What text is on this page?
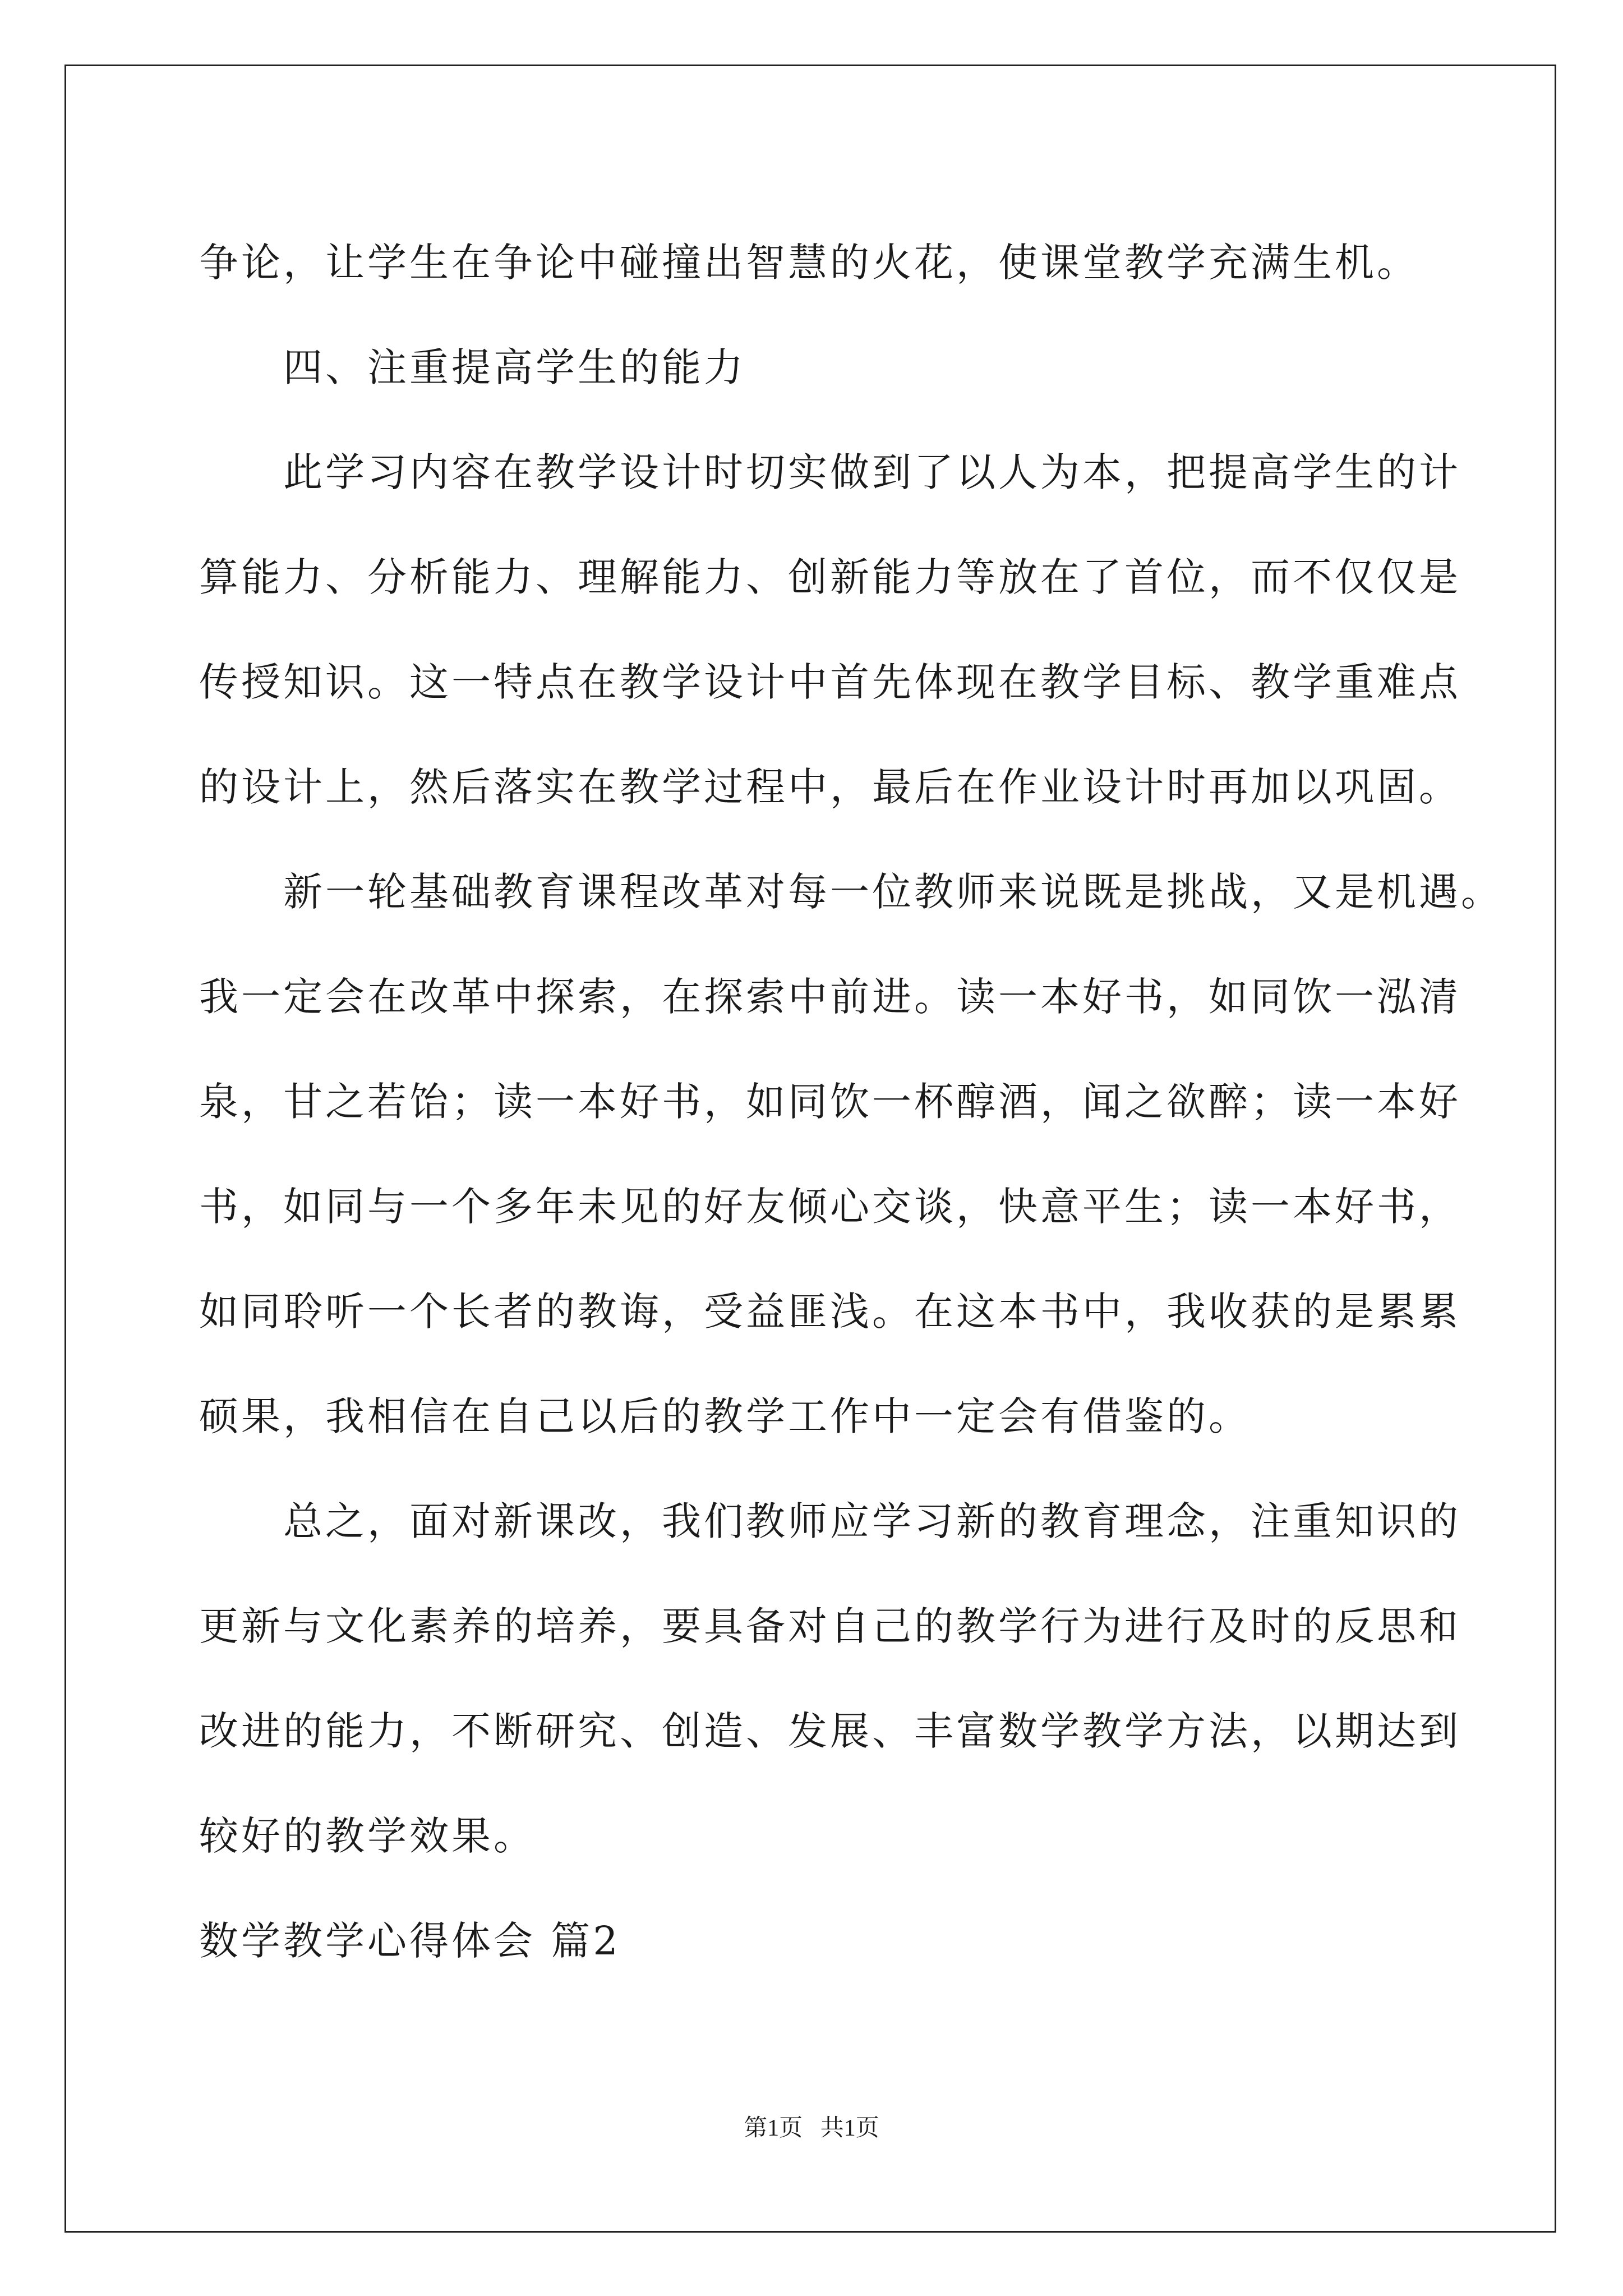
争论，让学生在争论中碰撞出智慧的火花，使课堂教学充满生机。
四、注重提高学生的能力
此学习内容在教学设计时切实做到了以人为本，把提高学生的计
算能力、分析能力、理解能力、创新能力等放在了首位，而不仅仅是
传授知识。这一特点在教学设计中首先体现在教学目标、教学重难点
的设计上，然后落实在教学过程中，最后在作业设计时再加以巩固。
新一轮基础教育课程改革对每一位教师来说既是挑战，又是机遇。
我一定会在改革中探索，在探索中前进。读一本好书，如同饮一泓清
泉，甘之若饴；读一本好书，如同饮一杯醇酒，闻之欲醉；读一本好
书，如同与一个多年未见的好友倾心交谈，快意平生；读一本好书，
如同聆听一个长者的教诲，受益匪浅。在这本书中，我收获的是累累
硕果，我相信在自己以后的教学工作中一定会有借鉴的。
总之，面对新课改，我们教师应学习新的教育理念，注重知识的
更新与文化素养的培养，要具备对自己的教学行为进行及时的反思和
改进的能力，不断研究、创造、发展、丰富数学教学方法，以期达到
较好的教学效果。
数学教学心得体会 篇2
第1页   共1页
